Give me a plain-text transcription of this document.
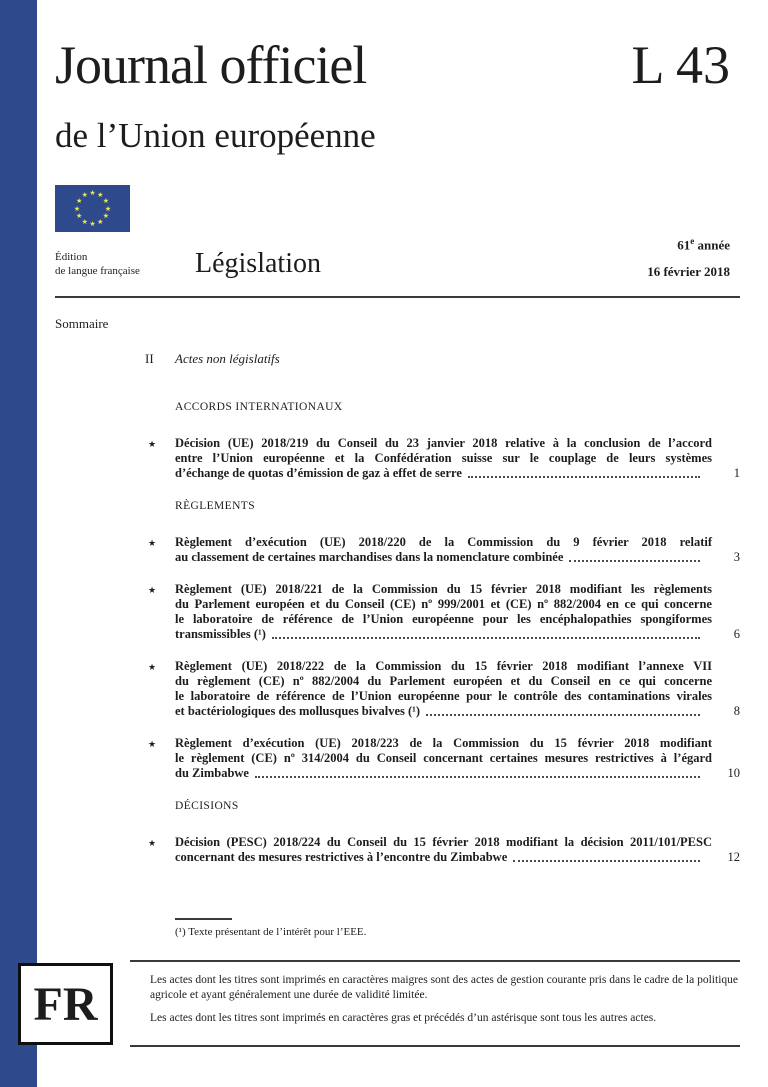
Journal officiel	L 43
de l’Union européenne
★ ★
★
★
★
★
★
★
★
★
★
★
Édition
de langue française Législation
61e année
16 février 2018
Sommaire
II Actes non législatifs
ACCORDS INTERNATIONAUX
★	Décision (UE) 2018/219 du Conseil du 23 janvier 2018 relative à la conclusion de l’accord
entre l’Union européenne et la Confédération suisse sur le couplage de leurs systèmes
d’échange de quotas d’émission de gaz à effet de serre	1
RÈGLEMENTS
★	Règlement d’exécution (UE) 2018/220 de la Commission du 9 février 2018 relatif
au classement de certaines marchandises dans la nomenclature combinée	3
★	Règlement (UE) 2018/221 de la Commission du 15 février 2018 modifiant les règlements
du Parlement européen et du Conseil (CE) nº 999/2001 et (CE) nº 882/2004 en ce qui concerne
le laboratoire de référence de l’Union européenne pour les encéphalopathies spongiformes
transmissibles (¹)	6
★	Règlement (UE) 2018/222 de la Commission du 15 février 2018 modifiant l’annexe VII
du règlement (CE) nº 882/2004 du Parlement européen et du Conseil en ce qui concerne
le laboratoire de référence de l’Union européenne pour le contrôle des contaminations virales
et bactériologiques des mollusques bivalves (¹)	8
★	Règlement d’exécution (UE) 2018/223 de la Commission du 15 février 2018 modifiant
le règlement (CE) nº 314/2004 du Conseil concernant certaines mesures restrictives à l’égard
du Zimbabwe	10
DÉCISIONS
★	Décision (PESC) 2018/224 du Conseil du 15 février 2018 modifiant la décision 2011/101/PESC
concernant des mesures restrictives à l’encontre du Zimbabwe	12
(¹) Texte présentant de l’intérêt pour l’EEE.
FR	Les actes dont les titres sont imprimés en caractères maigres sont des actes de gestion courante pris dans le cadre de la politique agricole et ayant généralement une durée de validité limitée.
Les actes dont les titres sont imprimés en caractères gras et précédés d’un astérisque sont tous les autres actes.
